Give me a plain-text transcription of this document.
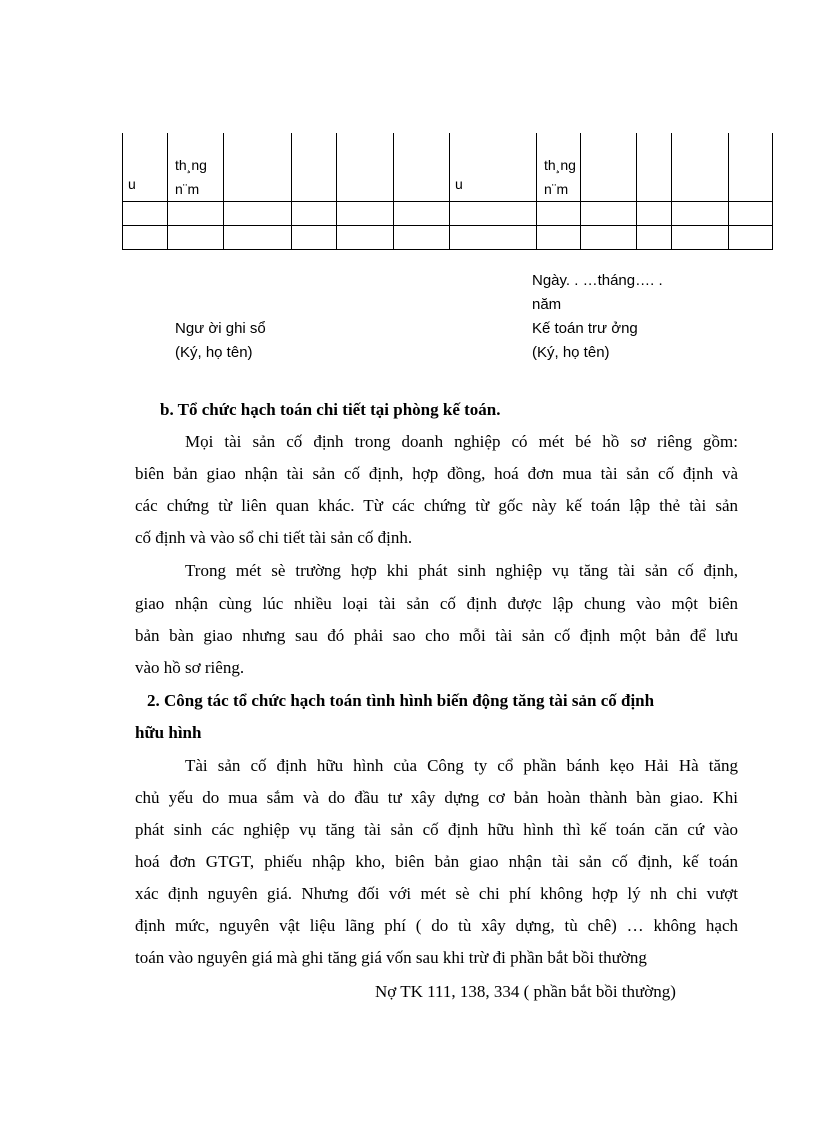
u	th¸ng
n¨m					u	th¸ng
n¨m				

Ngày. . …tháng…. .
năm
Ngư ời ghi sổ
(Ký, họ tên)
Kế toán trư ởng
(Ký, họ tên)
b. Tổ chức hạch toán chi tiết tại phòng kế toán.
Mọi tài sản cố định trong doanh nghiệp có mét bé hồ sơ riêng gồm:
biên bản giao nhận tài sản cố định, hợp đồng, hoá đơn mua tài sản cố định và
các chứng từ liên quan khác. Từ các chứng từ gốc này kế toán lập thẻ tài sản
cố định và vào sổ chi tiết tài sản cố định.
Trong mét sè trường hợp khi phát sinh nghiệp vụ tăng tài sản cố định,
giao nhận cùng lúc nhiều loại tài sản cố định được lập chung vào một biên
bản bàn giao nhưng sau đó phải sao cho mỗi tài sản cố định một bản để lưu
vào hồ sơ riêng.
2. Công tác tổ chức hạch toán tình hình biến động tăng tài sản cố định
hữu hình
Tài sản cố định hữu hình của Công ty cổ phần bánh kẹo Hải Hà tăng
chủ yếu do mua sắm và do đầu tư xây dựng cơ bản hoàn thành bàn giao. Khi
phát sinh các nghiệp vụ tăng tài sản cố định hữu hình thì kế toán căn cứ vào
hoá đơn GTGT, phiếu nhập kho, biên bản giao nhận tài sản cố định, kế toán
xác định nguyên giá. Nhưng đối với mét sè chi phí không hợp lý nh chi vượt
định mức, nguyên vật liệu lãng phí ( do tù xây dựng, tù chê) … không hạch
toán vào nguyên giá mà ghi tăng giá vốn sau khi trừ đi phần bắt bồi thường
Nợ TK 111, 138, 334 ( phần bắt bồi thường)
